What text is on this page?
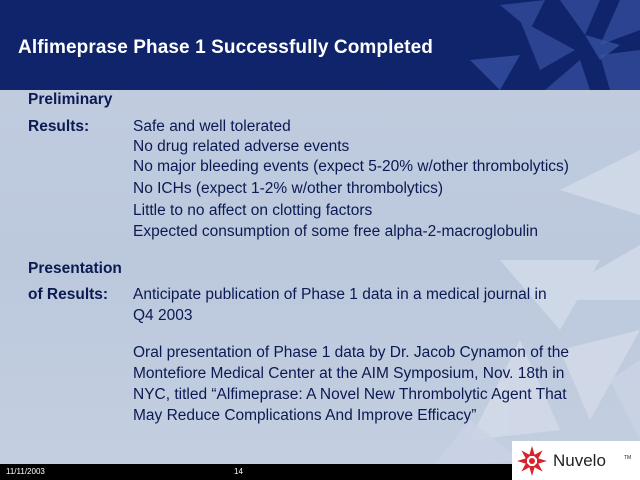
Alfimeprase Phase 1 Successfully Completed

Preliminary

Results:	Safe and well tolerated

No drug related adverse events

No major bleeding events (expect 5-20% w/other thrombolytics)

No ICHs (expect 1-2% w/other thrombolytics)

Little to no affect on clotting factors

Expected consumption of some free alpha-2-macroglobulin

Presentation

of Results: Anticipate publication of Phase 1 data in a medical journal in

Q4 2003

Oral presentation of Phase 1 data by Dr. Jacob Cynamon of the

Montefiore Medical Center at the AIM Symposium, Nov. 18th in

NYC, titled “Alfimeprase: A Novel New Thrombolytic Agent That

May Reduce Complications And Improve Efficacy”

11/11/2003	14
Nuvelo	TM
